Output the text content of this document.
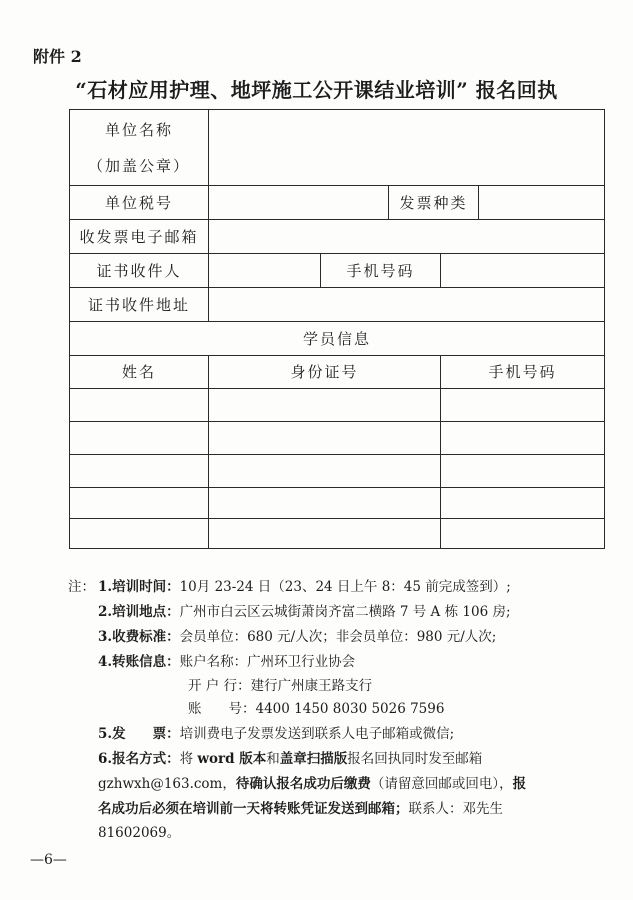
附件 2
“石材应用护理、地坪施工公开课结业培训” 报名回执
单位名称
（加盖公章）
单位税号	发票种类
收发票电子邮箱
证书收件人	手机号码
证书收件地址
学员信息
姓名	身份证号	手机号码
注： 1.培训时间：10月 23-24 日（23、24 日上午 8：45 前完成签到）;
2.培训地点：广州市白云区云城街萧岗齐富二横路 7 号 A 栋 106 房;
3.收费标准：会员单位：680 元/人次；非会员单位：980 元/人次;
4.转账信息：账户名称：广州环卫行业协会
开 户 行：建行广州康王路支行
账　　号：4400 1450 8030 5026 7596
5.发　　票：培训费电子发票发送到联系人电子邮箱或微信;
6.报名方式：将 word 版本和盖章扫描版报名回执同时发至邮箱
gzhwxh@163.com，待确认报名成功后缴费（请留意回邮或回电），报
名成功后必须在培训前一天将转账凭证发送到邮箱；联系人：邓先生
81602069。
—6—
